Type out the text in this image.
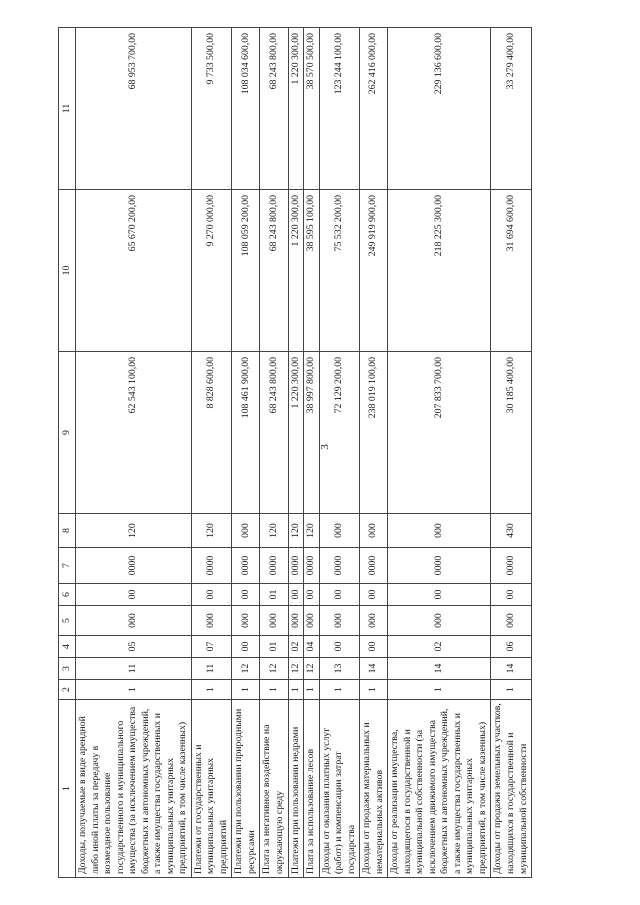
3
1	2	3	4	5	6	7	8	9	10	11
Доходы, получаемые в виде арендной либо иной платы за передачу в возмездное пользование государственного и муниципального имущества (за исключением имущества бюджетных и автономных учреждений, а также имущества государственных и муниципальных унитарных предприятий, в том числе казенных)	1	11	05	000	00	0000	120	62 543 100,00	65 670 200,00	68 953 700,00
Платежи от государственных и муниципальных унитарных предприятий	1	11	07	000	00	0000	120	8 828 600,00	9 270 000,00	9 733 500,00
Платежи при пользовании природными ресурсами	1	12	00	000	00	0000	000	108 461 900,00	108 059 200,00	108 034 600,00
Плата за негативное воздействие на окружающую среду	1	12	01	000	01	0000	120	68 243 800,00	68 243 800,00	68 243 800,00
Платежи при пользовании недрами	1	12	02	000	00	0000	120	1 220 300,00	1 220 300,00	1 220 300,00
Плата за использование лесов	1	12	04	000	00	0000	120	38 997 800,00	38 595 100,00	38 570 500,00
Доходы от оказания платных услуг (работ) и компенсации затрат государства	1	13	00	000	00	0000	000	72 129 200,00	75 532 200,00	123 244 100,00
Доходы от продажи материальных и нематериальных активов	1	14	00	000	00	0000	000	238 019 100,00	249 919 900,00	262 416 000,00
Доходы от реализации имущества, находящегося в государственной и муниципальной собственности (за исключением движимого имущества бюджетных и автономных учреждений, а также имущества государственных и муниципальных унитарных предприятий, в том числе казенных)	1	14	02	000	00	0000	000	207 833 700,00	218 225 300,00	229 136 600,00
Доходы от продажи земельных участков, находящихся в государственной и муниципальной собственности	1	14	06	000	00	0000	430	30 185 400,00	31 694 600,00	33 279 400,00
